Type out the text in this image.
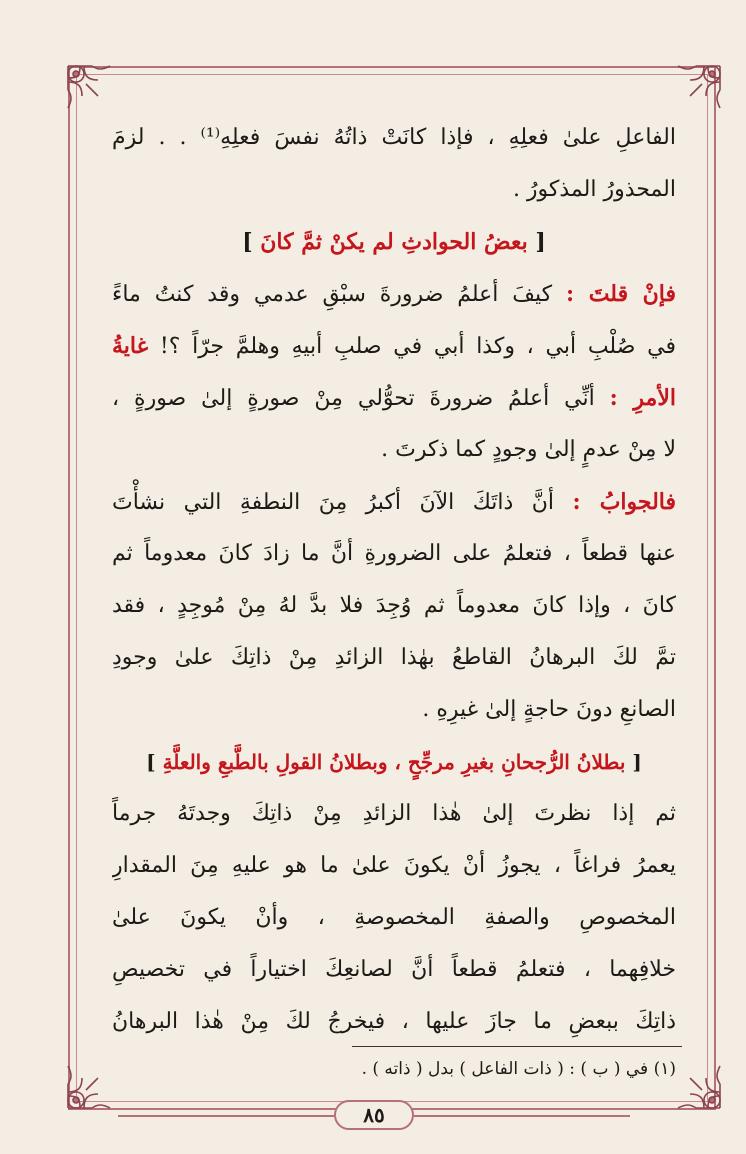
الفاعلِ علىٰ فعلِهِ ، فإذا كانَتْ ذاتُهُ نفسَ فعلِهِ⁽¹⁾ . . لزمَ
المحذورُ المذكورُ .
[ بعضُ الحوادثِ لم يكنْ ثمَّ كانَ ]
فإنْ قلتَ : كيفَ أعلمُ ضرورةَ سبْقِ عدمي وقد كنتُ ماءً
في صُلْبِ أبي ، وكذا أبي في صلبِ أبيهِ وهلمَّ جرّاً ؟! غايةُ
الأمرِ : أنِّي أعلمُ ضرورةَ تحوُّلي مِنْ صورةٍ إلىٰ صورةٍ ،
لا مِنْ عدمٍ إلىٰ وجودٍ كما ذكرتَ .
فالجوابُ : أنَّ ذاتَكَ الآنَ أكبرُ مِنَ النطفةِ التي نشأْتَ
عنها قطعاً ، فتعلمُ على الضرورةِ أنَّ ما زادَ كانَ معدوماً ثم
كانَ ، وإذا كانَ معدوماً ثم وُجِدَ فلا بدَّ لهُ مِنْ مُوجِدٍ ، فقد
تمَّ لكَ البرهانُ القاطعُ بهٰذا الزائدِ مِنْ ذاتِكَ علىٰ وجودِ
الصانعِ دونَ حاجةٍ إلىٰ غيرِهِ .
[ بطلانُ الرُّجحانِ بغيرِ مرجِّحٍ ، وبطلانُ القولِ بالطَّبعِ والعلَّةِ ]
ثم إذا نظرتَ إلىٰ هٰذا الزائدِ مِنْ ذاتِكَ وجدتَهُ جرماً
يعمرُ فراغاً ، يجوزُ أنْ يكونَ علىٰ ما هو عليهِ مِنَ المقدارِ
المخصوصِ والصفةِ المخصوصةِ ، وأنْ يكونَ علىٰ
خلافِهما ، فتعلمُ قطعاً أنَّ لصانعِكَ اختياراً في تخصيصِ
ذاتِكَ ببعضِ ما جازَ عليها ، فيخرجُ لكَ مِنْ هٰذا البرهانُ
(١) في ( ب ) : ( ذات الفاعل ) بدل ( ذاته ) .
٨٥
